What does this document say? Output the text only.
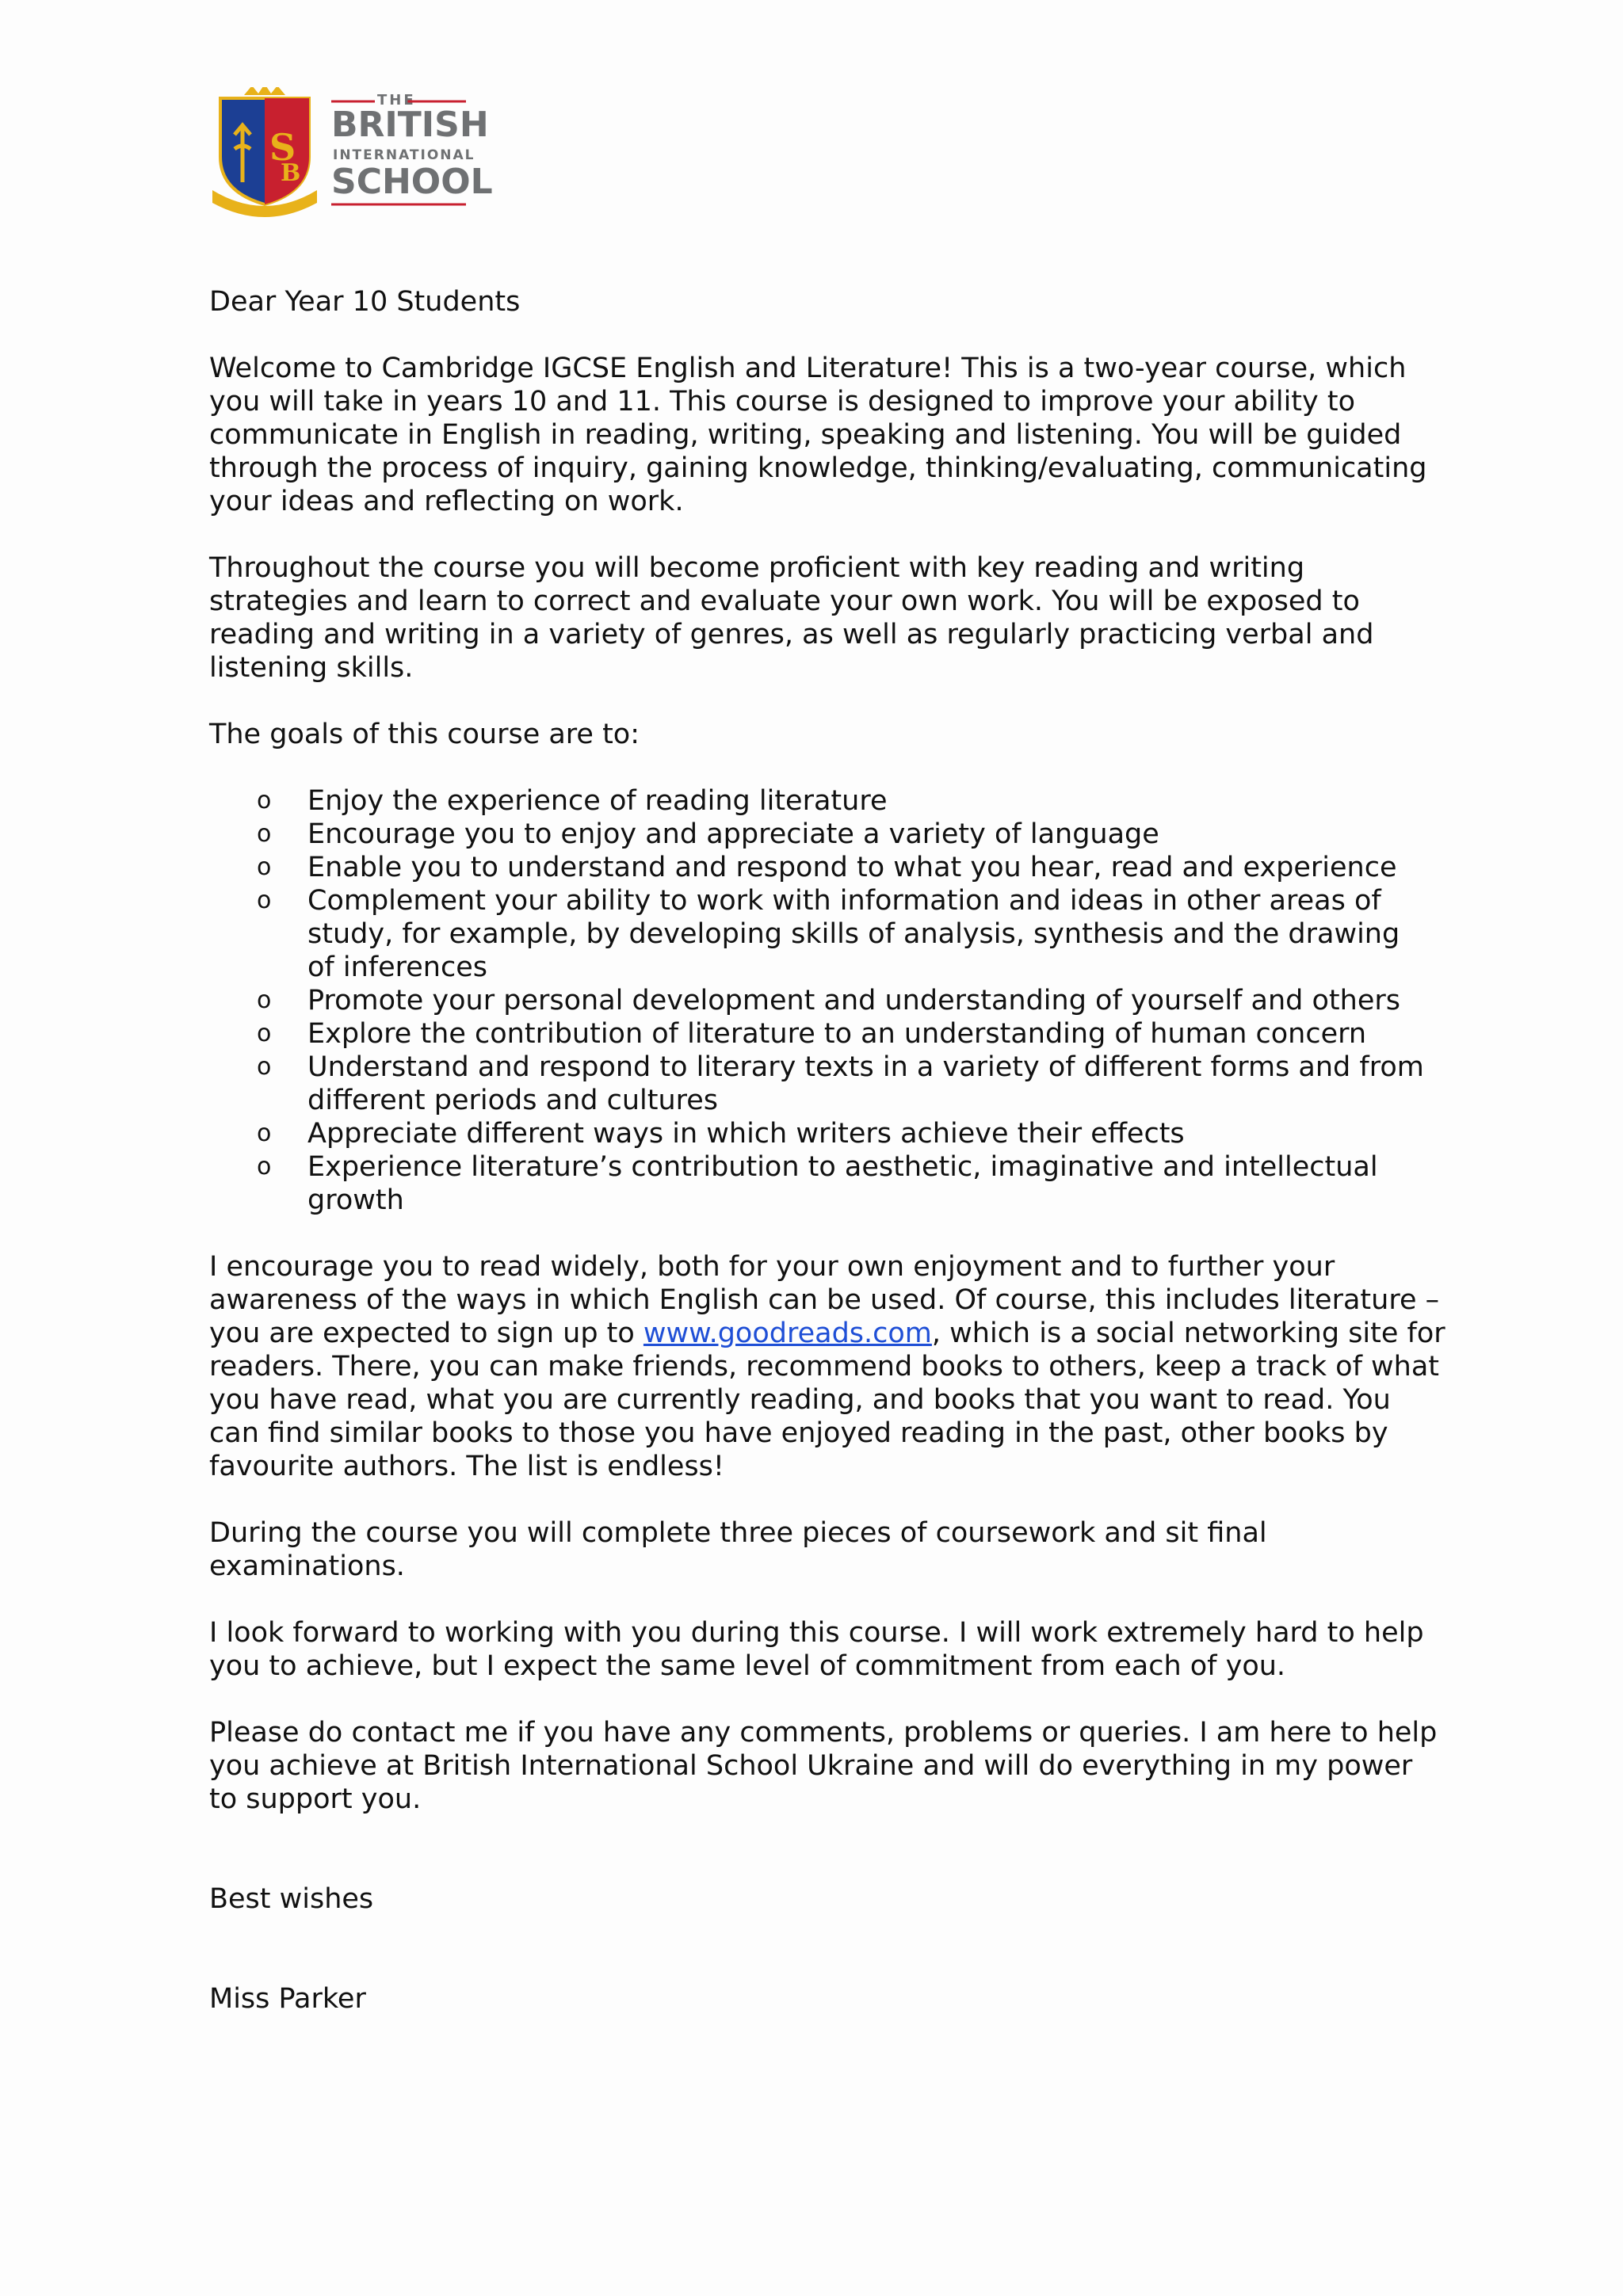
S
B
THE
BRITISH
INTERNATIONAL
SCHOOL

Dear Year 10 Students

Welcome to Cambridge IGCSE English and Literature! This is a two-year course, which you will take in years 10 and 11. This course is designed to improve your ability to communicate in English in reading, writing, speaking and listening. You will be guided through the process of inquiry, gaining knowledge, thinking/evaluating, communicating your ideas and reflecting on work.

Throughout the course you will become proficient with key reading and writing strategies and learn to correct and evaluate your own work. You will be exposed to reading and writing in a variety of genres, as well as regularly practicing verbal and listening skills.

The goals of this course are to:

o Enjoy the experience of reading literature
o Encourage you to enjoy and appreciate a variety of language
o Enable you to understand and respond to what you hear, read and experience
o Complement your ability to work with information and ideas in other areas of study, for example, by developing skills of analysis, synthesis and the drawing of inferences
o Promote your personal development and understanding of yourself and others
o Explore the contribution of literature to an understanding of human concern
o Understand and respond to literary texts in a variety of different forms and from different periods and cultures
o Appreciate different ways in which writers achieve their effects
o Experience literature’s contribution to aesthetic, imaginative and intellectual growth

I encourage you to read widely, both for your own enjoyment and to further your awareness of the ways in which English can be used. Of course, this includes literature – you are expected to sign up to www.goodreads.com, which is a social networking site for readers. There, you can make friends, recommend books to others, keep a track of what you have read, what you are currently reading, and books that you want to read. You can find similar books to those you have enjoyed reading in the past, other books by favourite authors. The list is endless!

During the course you will complete three pieces of coursework and sit final examinations.

I look forward to working with you during this course. I will work extremely hard to help you to achieve, but I expect the same level of commitment from each of you.

Please do contact me if you have any comments, problems or queries. I am here to help you achieve at British International School Ukraine and will do everything in my power to support you.

Best wishes

Miss Parker
